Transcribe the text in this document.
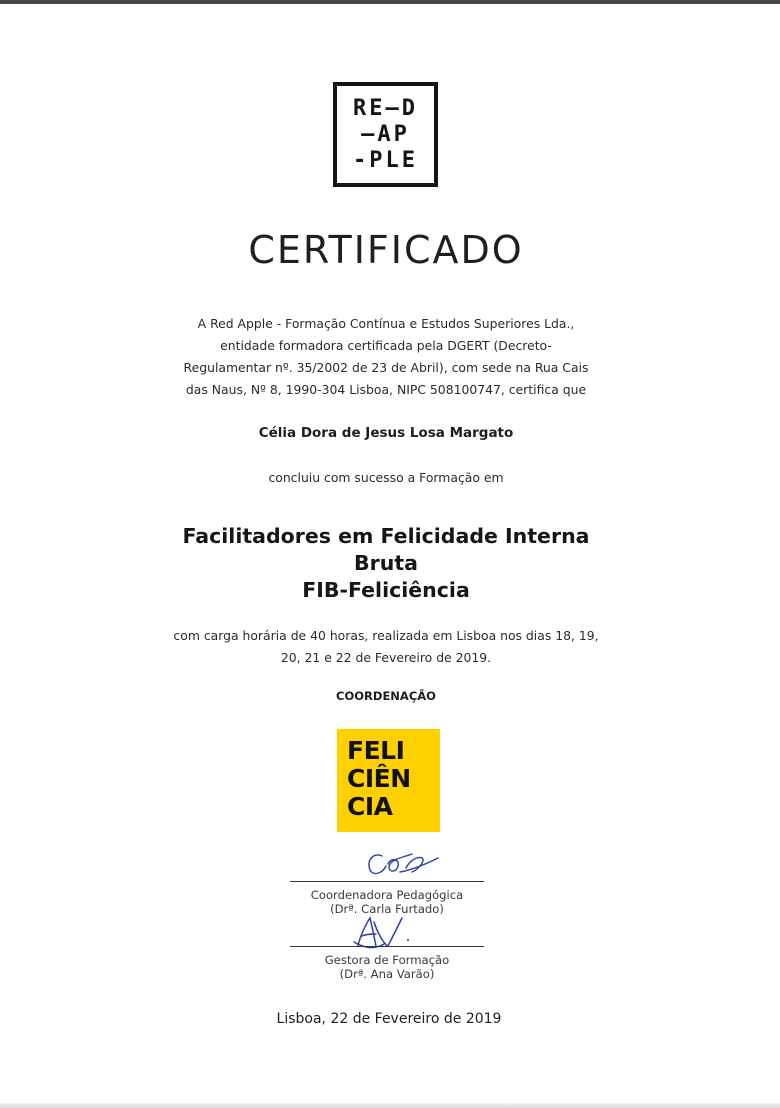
RE–D
—AP
-PLE
CERTIFICADO
A Red Apple - Formação Contínua e Estudos Superiores Lda.,
entidade formadora certificada pela DGERT (Decreto-
Regulamentar nº. 35/2002 de 23 de Abril), com sede na Rua Cais
das Naus, Nº 8, 1990-304 Lisboa, NIPC 508100747, certifica que
Célia Dora de Jesus Losa Margato
concluiu com sucesso a Formação em
Facilitadores em Felicidade Interna
Bruta
FIB-Feliciência
com carga horária de 40 horas, realizada em Lisboa nos dias 18, 19,
20, 21 e 22 de Fevereiro de 2019.
COORDENAÇÃO
FELI
CIÊN
CIA
Coordenadora Pedagógica
(Drª. Carla Furtado)
Gestora de Formação
(Drª. Ana Varão)
Lisboa, 22 de Fevereiro de 2019
